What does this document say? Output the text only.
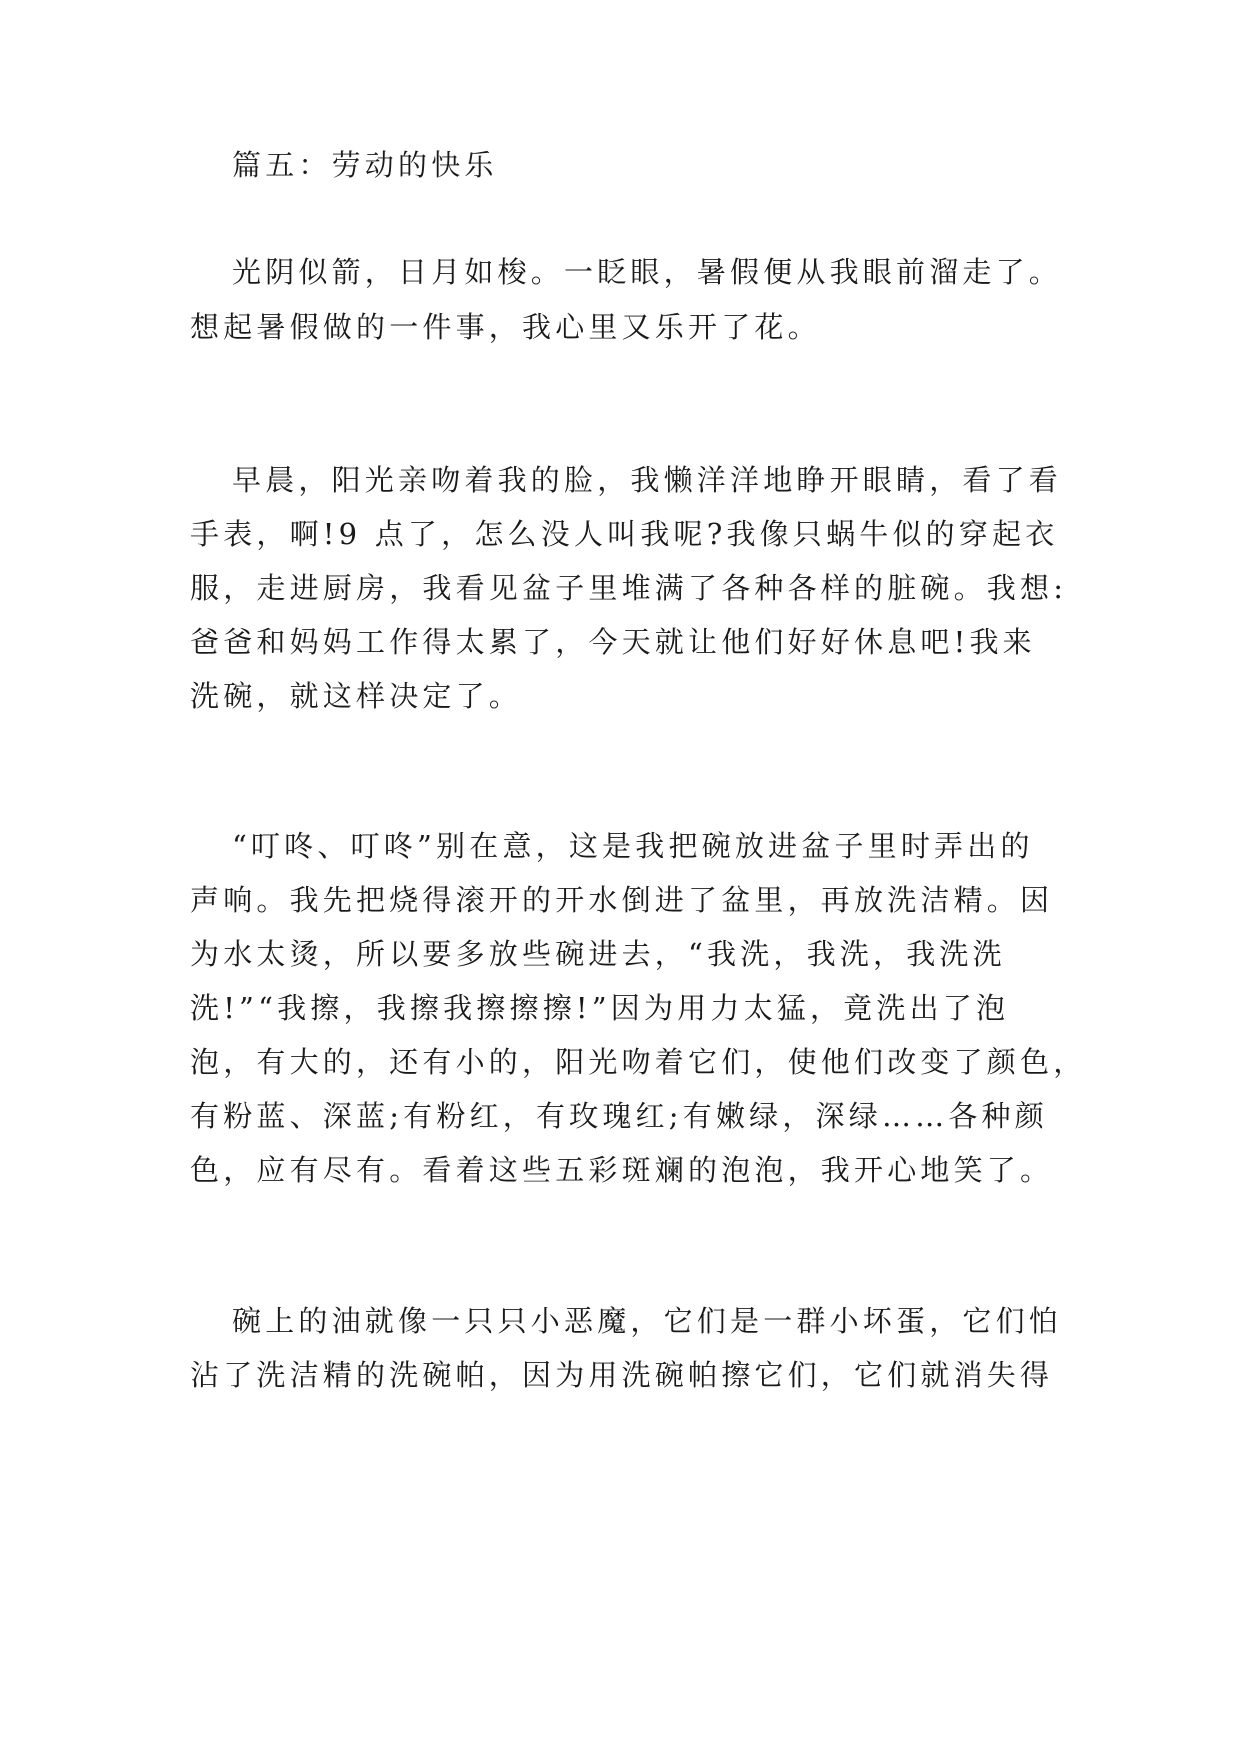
篇五：劳动的快乐
光阴似箭，日月如梭。一眨眼，暑假便从我眼前溜走了。
想起暑假做的一件事，我心里又乐开了花。
早晨，阳光亲吻着我的脸，我懒洋洋地睁开眼睛，看了看
手表，啊!9 点了，怎么没人叫我呢?我像只蜗牛似的穿起衣
服，走进厨房，我看见盆子里堆满了各种各样的脏碗。我想:
爸爸和妈妈工作得太累了，今天就让他们好好休息吧!我来
洗碗，就这样决定了。
“叮咚、叮咚”别在意，这是我把碗放进盆子里时弄出的
声响。我先把烧得滚开的开水倒进了盆里，再放洗洁精。因
为水太烫，所以要多放些碗进去，“我洗，我洗，我洗洗
洗!”“我擦，我擦我擦擦擦!”因为用力太猛，竟洗出了泡
泡，有大的，还有小的，阳光吻着它们，使他们改变了颜色，
有粉蓝、深蓝;有粉红，有玫瑰红;有嫩绿，深绿……各种颜
色，应有尽有。看着这些五彩斑斓的泡泡，我开心地笑了。
碗上的油就像一只只小恶魔，它们是一群小坏蛋，它们怕
沾了洗洁精的洗碗帕，因为用洗碗帕擦它们，它们就消失得
